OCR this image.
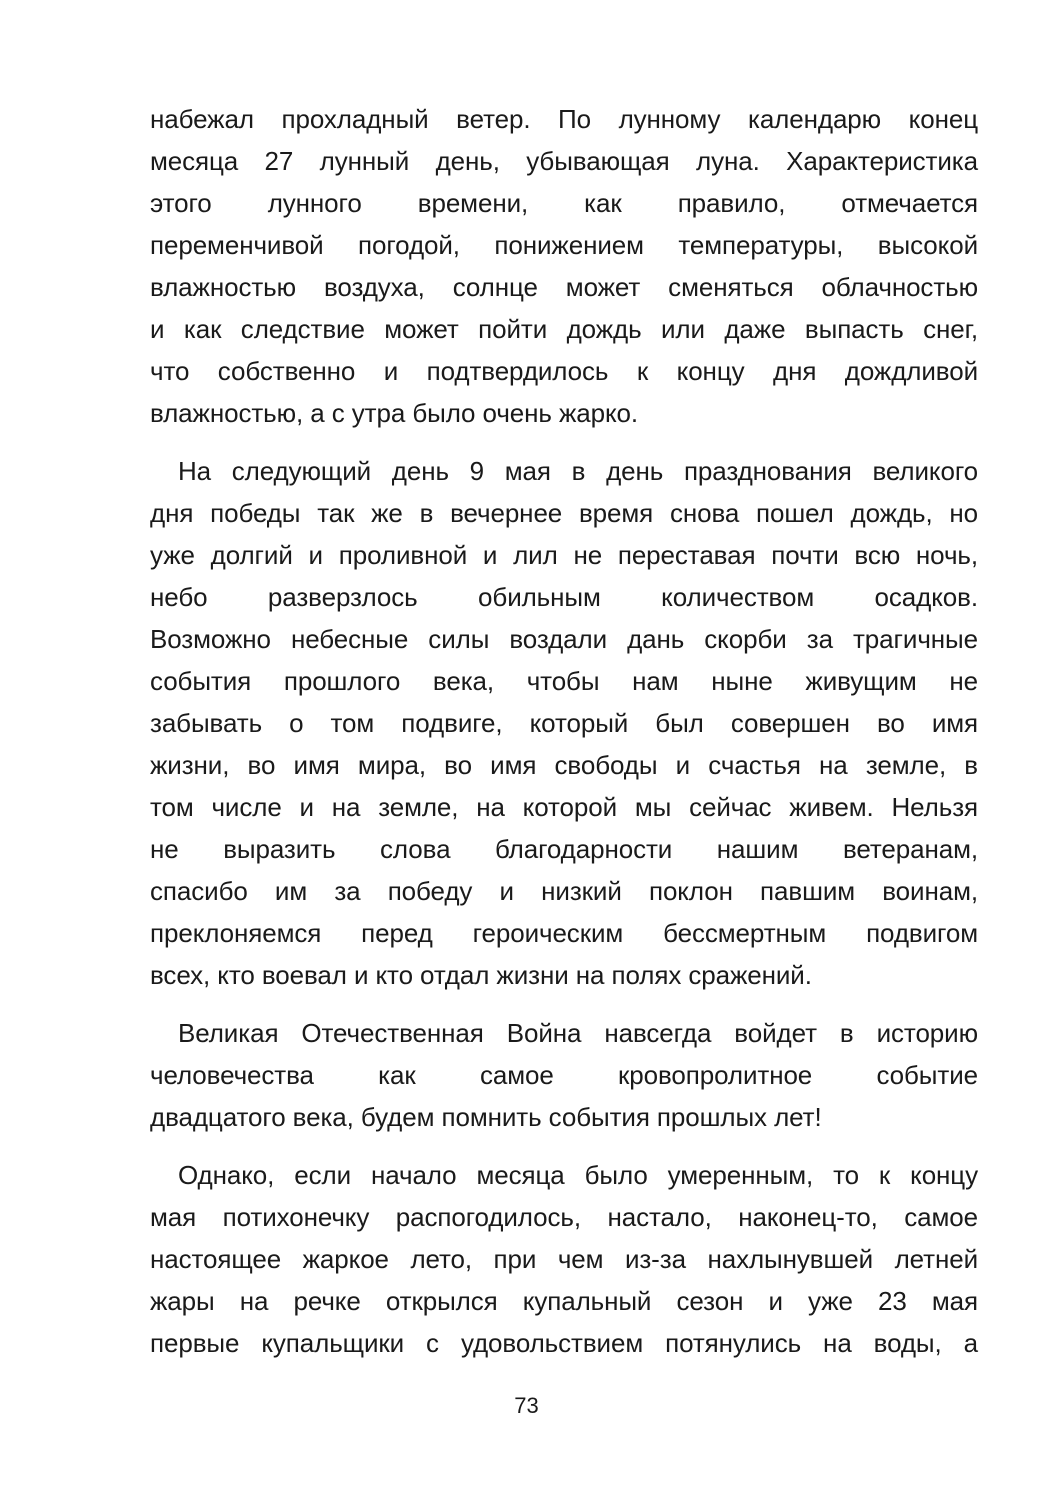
набежал прохладный ветер. По лунному календарю конец
месяца 27 лунный день, убывающая луна. Характеристика
этого лунного времени, как правило, отмечается
переменчивой погодой, понижением температуры, высокой
влажностью воздуха, солнце может сменяться облачностью
и как следствие может пойти дождь или даже выпасть снег,
что собственно и подтвердилось к концу дня дождливой
влажностью, а с утра было очень жарко.

На следующий день 9 мая в день празднования великого
дня победы так же в вечернее время снова пошел дождь, но
уже долгий и проливной и лил не переставая почти всю ночь,
небо разверзлось обильным количеством осадков.
Возможно небесные силы воздали дань скорби за трагичные
события прошлого века, чтобы нам ныне живущим не
забывать о том подвиге, который был совершен во имя
жизни, во имя мира, во имя свободы и счастья на земле, в
том числе и на земле, на которой мы сейчас живем. Нельзя
не выразить слова благодарности нашим ветеранам,
спасибо им за победу и низкий поклон павшим воинам,
преклоняемся перед героическим бессмертным подвигом
всех, кто воевал и кто отдал жизни на полях сражений.

Великая Отечественная Война навсегда войдет в историю
человечества как самое кровопролитное событие
двадцатого века, будем помнить события прошлых лет!

Однако, если начало месяца было умеренным, то к концу
мая потихонечку распогодилось, настало, наконец-то, самое
настоящее жаркое лето, при чем из-за нахлынувшей летней
жары на речке открылся купальный сезон и уже 23 мая
первые купальщики с удовольствием потянулись на воды, а

73
